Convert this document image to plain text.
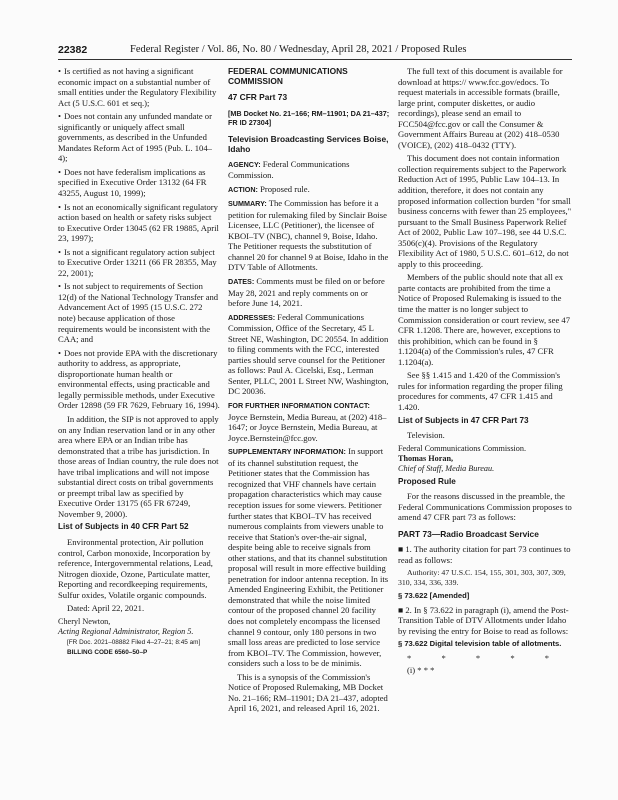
22382	Federal Register / Vol. 86, No. 80 / Wednesday, April 28, 2021 / Proposed Rules

• Is certified as not having a significant economic impact on a substantial number of small entities under the Regulatory Flexibility Act (5 U.S.C. 601 et seq.);

• Does not contain any unfunded mandate or significantly or uniquely affect small governments, as described in the Unfunded Mandates Reform Act of 1995 (Pub. L. 104–4);

• Does not have federalism implications as specified in Executive Order 13132 (64 FR 43255, August 10, 1999);

• Is not an economically significant regulatory action based on health or safety risks subject to Executive Order 13045 (62 FR 19885, April 23, 1997);

• Is not a significant regulatory action subject to Executive Order 13211 (66 FR 28355, May 22, 2001);

• Is not subject to requirements of Section 12(d) of the National Technology Transfer and Advancement Act of 1995 (15 U.S.C. 272 note) because application of those requirements would be inconsistent with the CAA; and

• Does not provide EPA with the discretionary authority to address, as appropriate, disproportionate human health or environmental effects, using practicable and legally permissible methods, under Executive Order 12898 (59 FR 7629, February 16, 1994).

In addition, the SIP is not approved to apply on any Indian reservation land or in any other area where EPA or an Indian tribe has demonstrated that a tribe has jurisdiction. In those areas of Indian country, the rule does not have tribal implications and will not impose substantial direct costs on tribal governments or preempt tribal law as specified by Executive Order 13175 (65 FR 67249, November 9, 2000).

List of Subjects in 40 CFR Part 52

Environmental protection, Air pollution control, Carbon monoxide, Incorporation by reference, Intergovernmental relations, Lead, Nitrogen dioxide, Ozone, Particulate matter, Reporting and recordkeeping requirements, Sulfur oxides, Volatile organic compounds.

Dated: April 22, 2021.

Cheryl Newton,

Acting Regional Administrator, Region 5.

[FR Doc. 2021–08882 Filed 4–27–21; 8:45 am]

BILLING CODE 6560–50–P

FEDERAL COMMUNICATIONS COMMISSION
47 CFR Part 73
[MB Docket No. 21–166; RM–11901; DA 21–437; FR ID 27304]
Television Broadcasting Services Boise, Idaho

AGENCY: Federal Communications Commission.

ACTION: Proposed rule.

SUMMARY: The Commission has before it a petition for rulemaking filed by Sinclair Boise Licensee, LLC (Petitioner), the licensee of KBOI–TV (NBC), channel 9, Boise, Idaho. The Petitioner requests the substitution of channel 20 for channel 9 at Boise, Idaho in the DTV Table of Allotments.

DATES: Comments must be filed on or before May 28, 2021 and reply comments on or before June 14, 2021.

ADDRESSES: Federal Communications Commission, Office of the Secretary, 45 L Street NE, Washington, DC 20554. In addition to filing comments with the FCC, interested parties should serve counsel for the Petitioner as follows: Paul A. Cicelski, Esq., Lerman Senter, PLLC, 2001 L Street NW, Washington, DC 20036.

FOR FURTHER INFORMATION CONTACT: Joyce Bernstein, Media Bureau, at (202) 418–1647; or Joyce Bernstein, Media Bureau, at Joyce.Bernstein@fcc.gov.

SUPPLEMENTARY INFORMATION: In support of its channel substitution request, the Petitioner states that the Commission has recognized that VHF channels have certain propagation characteristics which may cause reception issues for some viewers. Petitioner further states that KBOI–TV has received numerous complaints from viewers unable to receive that Station's over-the-air signal, despite being able to receive signals from other stations, and that its channel substitution proposal will result in more effective building penetration for indoor antenna reception. In its Amended Engineering Exhibit, the Petitioner demonstrated that while the noise limited contour of the proposed channel 20 facility does not completely encompass the licensed channel 9 contour, only 180 persons in two small loss areas are predicted to lose service from KBOI–TV. The Commission, however, considers such a loss to be de minimis.

This is a synopsis of the Commission's Notice of Proposed Rulemaking, MB Docket No. 21–166; RM–11901; DA 21–437, adopted April 16, 2021, and released April 16, 2021.

The full text of this document is available for download at https:// www.fcc.gov/edocs. To request materials in accessible formats (braille, large print, computer diskettes, or audio recordings), please send an email to FCC504@fcc.gov or call the Consumer & Government Affairs Bureau at (202) 418–0530 (VOICE), (202) 418–0432 (TTY).

This document does not contain information collection requirements subject to the Paperwork Reduction Act of 1995, Public Law 104–13. In addition, therefore, it does not contain any proposed information collection burden "for small business concerns with fewer than 25 employees," pursuant to the Small Business Paperwork Relief Act of 2002, Public Law 107–198, see 44 U.S.C. 3506(c)(4). Provisions of the Regulatory Flexibility Act of 1980, 5 U.S.C. 601–612, do not apply to this proceeding.

Members of the public should note that all ex parte contacts are prohibited from the time a Notice of Proposed Rulemaking is issued to the time the matter is no longer subject to Commission consideration or court review, see 47 CFR 1.1208. There are, however, exceptions to this prohibition, which can be found in § 1.1204(a) of the Commission's rules, 47 CFR 1.1204(a).

See §§ 1.415 and 1.420 of the Commission's rules for information regarding the proper filing procedures for comments, 47 CFR 1.415 and 1.420.

List of Subjects in 47 CFR Part 73

Television.

Federal Communications Commission.

Thomas Horan,

Chief of Staff, Media Bureau.

Proposed Rule

For the reasons discussed in the preamble, the Federal Communications Commission proposes to amend 47 CFR part 73 as follows:

PART 73—Radio Broadcast Service

■ 1. The authority citation for part 73 continues to read as follows:

Authority: 47 U.S.C. 154, 155, 301, 303, 307, 309, 310, 334, 336, 339.

§ 73.622 [Amended]

■ 2. In § 73.622 in paragraph (i), amend the Post-Transition Table of DTV Allotments under Idaho by revising the entry for Boise to read as follows:

§ 73.622 Digital television table of allotments.
* * * * *

(i) * * *
